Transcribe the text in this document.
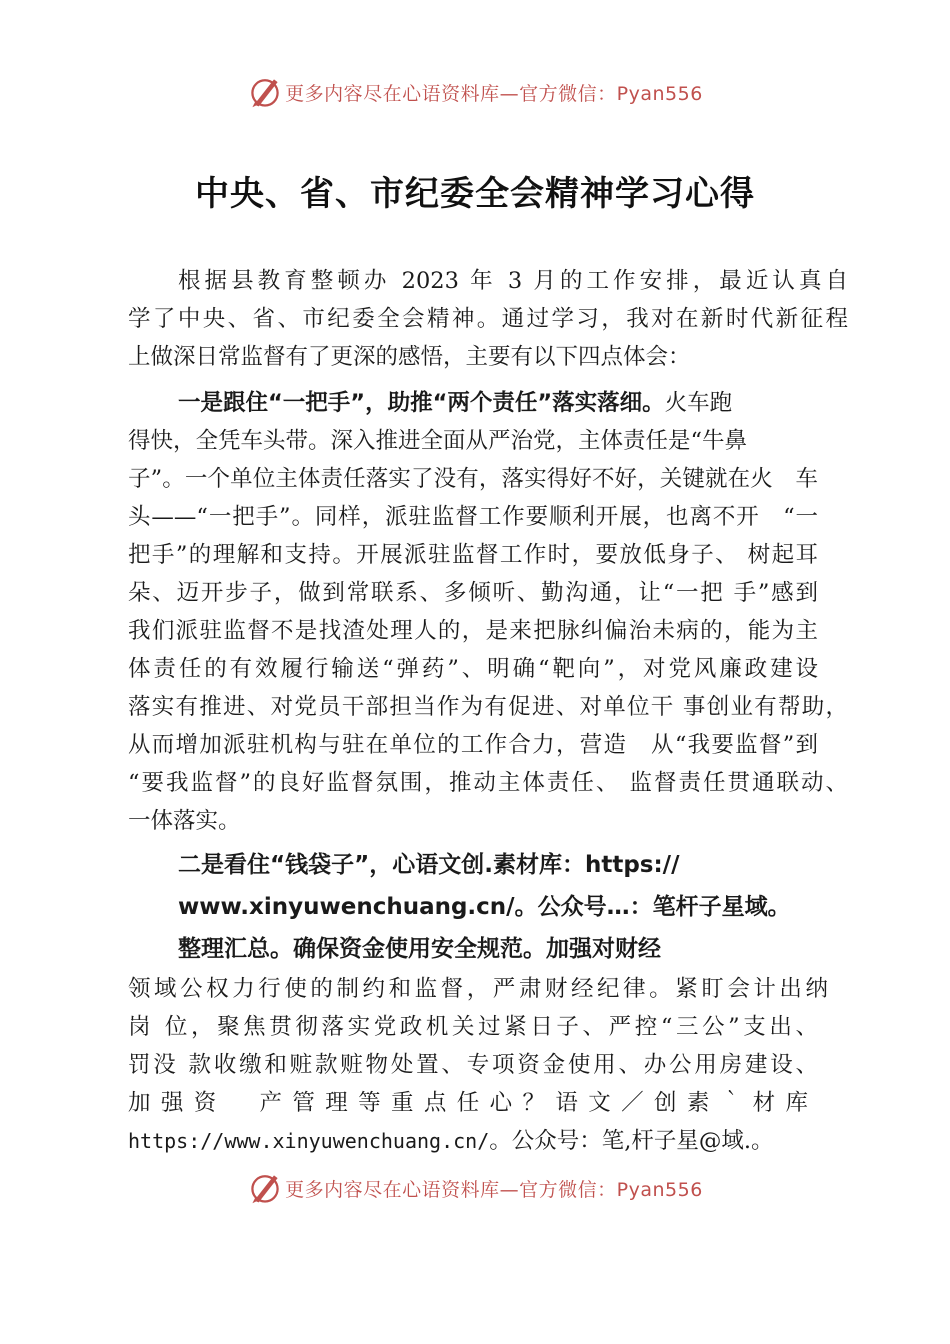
更多内容尽在心语资料库—官方微信：Pyan556
中央、省、市纪委全会精神学习心得
根据县教育整顿办 2023 年 3 月的工作安排，最近认真自
学了中央、省、市纪委全会精神。通过学习，我对在新时代新征程
上做深日常监督有了更深的感悟，主要有以下四点体会：
一是跟住“一把手”，助推“两个责任”落实落细。火车跑
得快，全凭车头带。深入推进全面从严治党，主体责任是“牛鼻
子”。一个单位主体责任落实了没有，落实得好不好，关键就在火　车
头——“一把手”。同样，派驻监督工作要顺利开展，也离不开　“一
把手”的理解和支持。开展派驻监督工作时，要放低身子、 树起耳
朵、迈开步子，做到常联系、多倾听、勤沟通，让“一把 手”感到
我们派驻监督不是找渣处理人的，是来把脉纠偏治未病的，能为主
体责任的有效履行输送“弹药”、明确“靶向”，对党风廉政建设
落实有推进、对党员干部担当作为有促进、对单位干 事创业有帮助，
从而增加派驻机构与驻在单位的工作合力，营造　从“我要监督”到
“要我监督”的良好监督氛围，推动主体责任、 监督责任贯通联动、
一体落实。
二是看住“钱袋子”，心语文创.素材库：https://
www.xinyuwenchuang.cn/。公众号…：笔杆子星域。
整理汇总。确保资金使用安全规范。加强对财经
领域公权力行使的制约和监督，严肃财经纪律。紧盯会计出纳
岗 位，聚焦贯彻落实党政机关过紧日子、严控“三公”支出、
罚没 款收缴和赃款赃物处置、专项资金使用、办公用房建设、
加强资　产管理等重点任心？语文／创素｀材库
https://www.xinyuwenchuang.cn/。公众号：笔,杆子星@域.。
更多内容尽在心语资料库—官方微信：Pyan556
